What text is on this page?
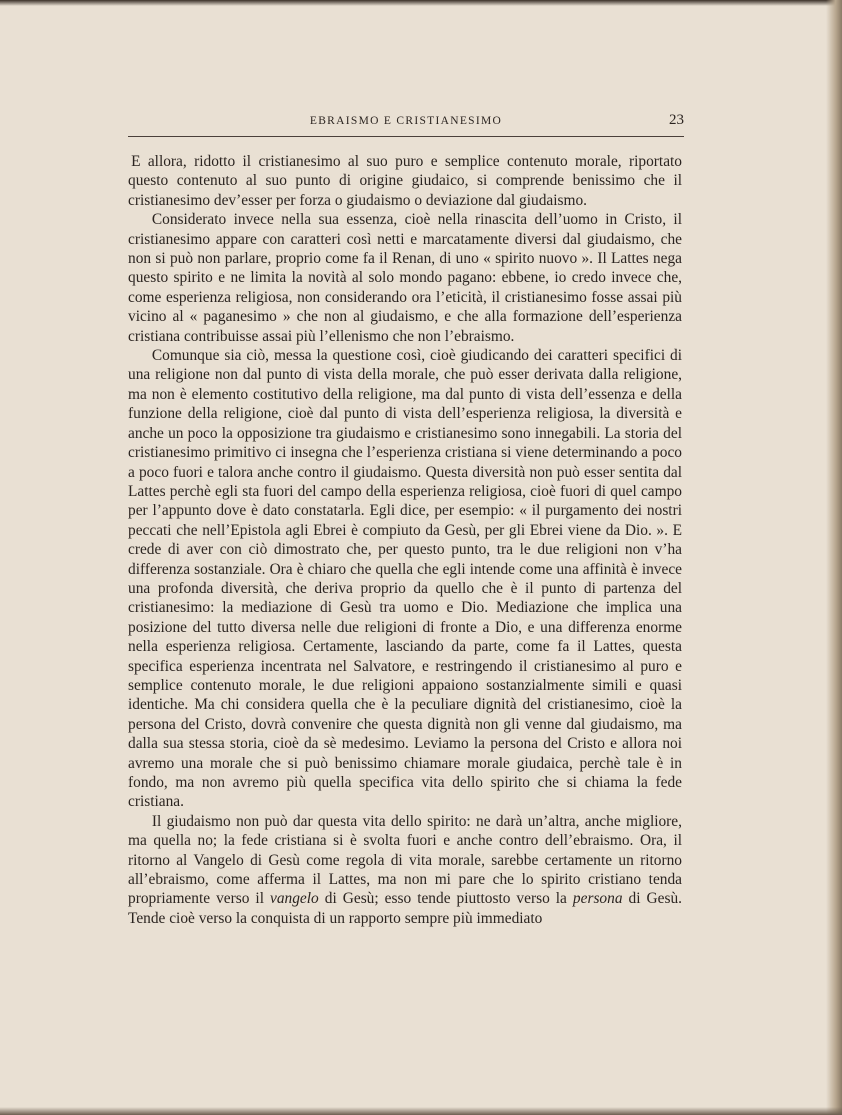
EBRAISMO E CRISTIANESIMO	23

E allora, ridotto il cristianesimo al suo puro e semplice contenuto morale, riportato questo contenuto al suo punto di origine giudaico, si comprende benissimo che il cristianesimo dev’esser per forza o giudaismo o deviazione dal giudaismo.

Considerato invece nella sua essenza, cioè nella rinascita dell’uomo in Cristo, il cristianesimo appare con caratteri così netti e marcatamente diversi dal giudaismo, che non si può non parlare, proprio come fa il Renan, di uno « spirito nuovo ». Il Lattes nega questo spirito e ne limita la novità al solo mondo pagano: ebbene, io credo invece che, come esperienza religiosa, non considerando ora l’eticità, il cristianesimo fosse assai più vicino al « paganesimo » che non al giudaismo, e che alla formazione dell’esperienza cristiana contribuisse assai più l’ellenismo che non l’ebraismo.

Comunque sia ciò, messa la questione così, cioè giudicando dei caratteri specifici di una religione non dal punto di vista della morale, che può esser derivata dalla religione, ma non è elemento costitutivo della religione, ma dal punto di vista dell’essenza e della funzione della religione, cioè dal punto di vista dell’esperienza religiosa, la diversità e anche un poco la opposizione tra giudaismo e cristianesimo sono innegabili. La storia del cristianesimo primitivo ci insegna che l’esperienza cristiana si viene determinando a poco a poco fuori e talora anche contro il giudaismo. Questa diversità non può esser sentita dal Lattes perchè egli sta fuori del campo della esperienza religiosa, cioè fuori di quel campo per l’appunto dove è dato constatarla. Egli dice, per esempio: « il purgamento dei nostri peccati che nell’Epistola agli Ebrei è compiuto da Gesù, per gli Ebrei viene da Dio. ». E crede di aver con ciò dimostrato che, per questo punto, tra le due religioni non v’ha differenza sostanziale. Ora è chiaro che quella che egli intende come una affinità è invece una profonda diversità, che deriva proprio da quello che è il punto di partenza del cristianesimo: la mediazione di Gesù tra uomo e Dio. Mediazione che implica una posizione del tutto diversa nelle due religioni di fronte a Dio, e una differenza enorme nella esperienza religiosa. Certamente, lasciando da parte, come fa il Lattes, questa specifica esperienza incentrata nel Salvatore, e restringendo il cristianesimo al puro e semplice contenuto morale, le due religioni appaiono sostanzialmente simili e quasi identiche. Ma chi considera quella che è la peculiare dignità del cristianesimo, cioè la persona del Cristo, dovrà convenire che questa dignità non gli venne dal giudaismo, ma dalla sua stessa storia, cioè da sè medesimo. Leviamo la persona del Cristo e allora noi avremo una morale che si può benissimo chiamare morale giudaica, perchè tale è in fondo, ma non avremo più quella specifica vita dello spirito che si chiama la fede cristiana.

Il giudaismo non può dar questa vita dello spirito: ne darà un’altra, anche migliore, ma quella no; la fede cristiana si è svolta fuori e anche contro dell’ebraismo. Ora, il ritorno al Vangelo di Gesù come regola di vita morale, sarebbe certamente un ritorno all’ebraismo, come afferma il Lattes, ma non mi pare che lo spirito cristiano tenda propriamente verso il vangelo di Gesù; esso tende piuttosto verso la persona di Gesù. Tende cioè verso la conquista di un rapporto sempre più immediato
